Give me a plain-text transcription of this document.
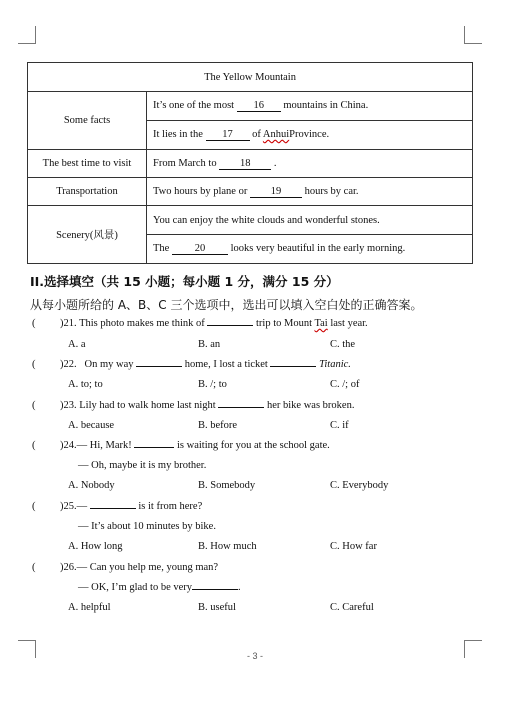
The Yellow Mountain	
Some facts	It’s one of the most 16 mountains in China.
	It lies in the 17 of AnhuiProvince.
The best time to visit	From March to 18 .
Transportation	Two hours by plane or 19 hours by car.
Scenery(风景)	You can enjoy the white clouds and wonderful stones.
	The 20 looks very beautiful in the early morning.
II.选择填空（共 15 小题；每小题 1 分，满分 15 分）
从每小题所给的 A、B、C 三个选项中，选出可以填入空白处的正确答案。
( )21. This photo makes me think of	trip to Mount Tai last year.
A. a	B. an	C. the
( )22. On my way	home, I lost a ticket	Titanic.
A. to; to	B. /; to	C. /; of
( )23. Lily had to walk home last night	her bike was broken.
A. because	B. before	C. if
( )24.— Hi, Mark!	is waiting for you at the school gate.
— Oh, maybe it is my brother.
A. Nobody	B. Somebody	C. Everybody
( )25.—	is it from here?
— It’s about 10 minutes by bike.
A. How long	B. How much	C. How far
( )26.— Can you help me, young man?
— OK, I’m glad to be very	.
A. helpful	B. useful	C. Careful
- 3 -
